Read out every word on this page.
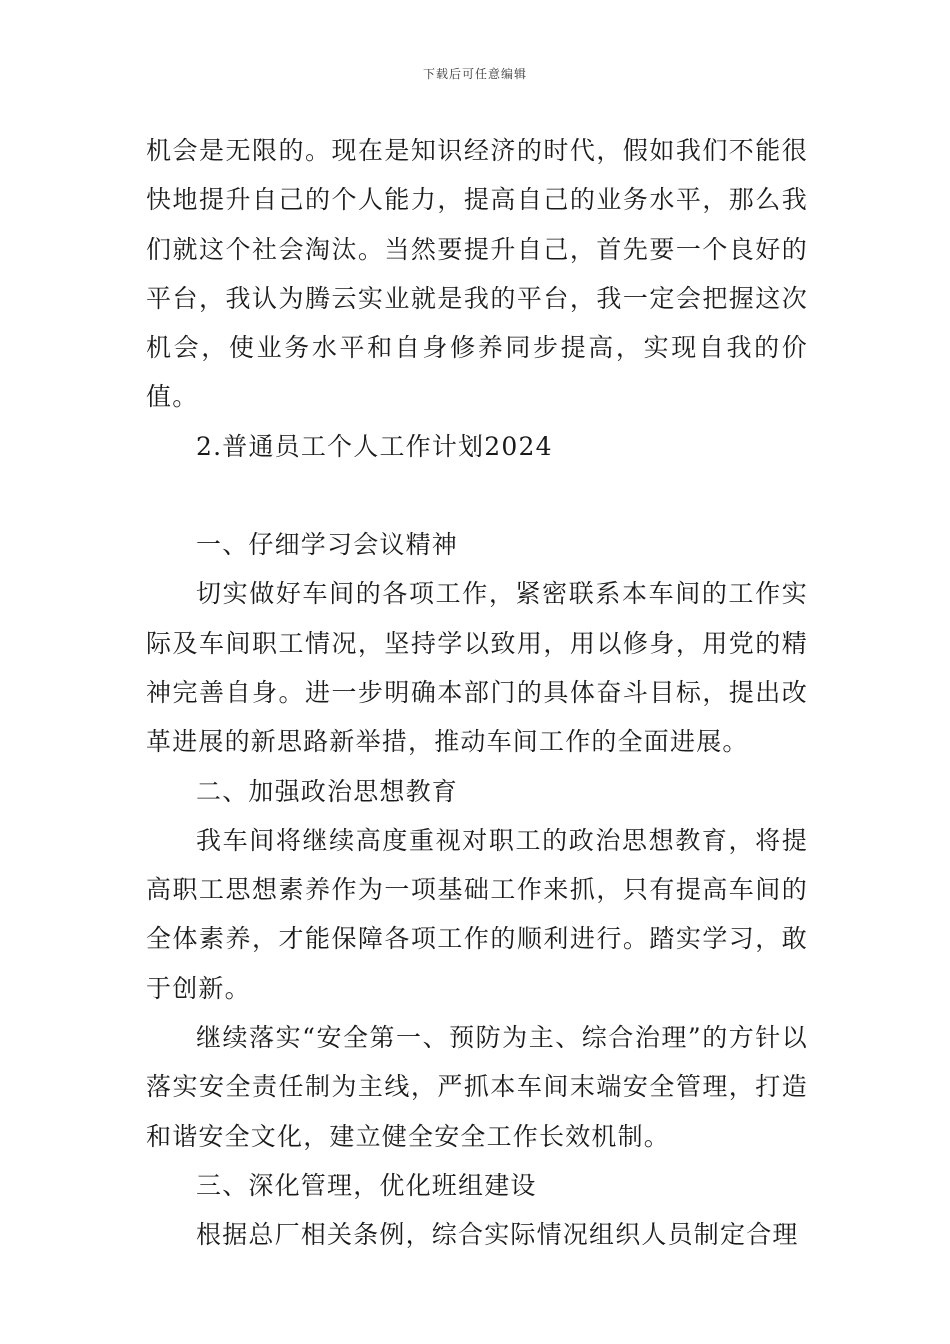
下载后可任意编辑

机会是无限的。现在是知识经济的时代，假如我们不能很快地提升自己的个人能力，提高自己的业务水平，那么我们就这个社会淘汰。当然要提升自己，首先要一个良好的平台，我认为腾云实业就是我的平台，我一定会把握这次机会，使业务水平和自身修养同步提高，实现自我的价值。

2.普通员工个人工作计划2024

一、仔细学习会议精神

切实做好车间的各项工作，紧密联系本车间的工作实际及车间职工情况，坚持学以致用，用以修身，用党的精神完善自身。进一步明确本部门的具体奋斗目标，提出改革进展的新思路新举措，推动车间工作的全面进展。

二、加强政治思想教育

我车间将继续高度重视对职工的政治思想教育，将提高职工思想素养作为一项基础工作来抓，只有提高车间的全体素养，才能保障各项工作的顺利进行。踏实学习，敢于创新。

继续落实“安全第一、预防为主、综合治理”的方针以落实安全责任制为主线，严抓本车间末端安全管理，打造和谐安全文化，建立健全安全工作长效机制。

三、深化管理，优化班组建设

根据总厂相关条例，综合实际情况组织人员制定合理
